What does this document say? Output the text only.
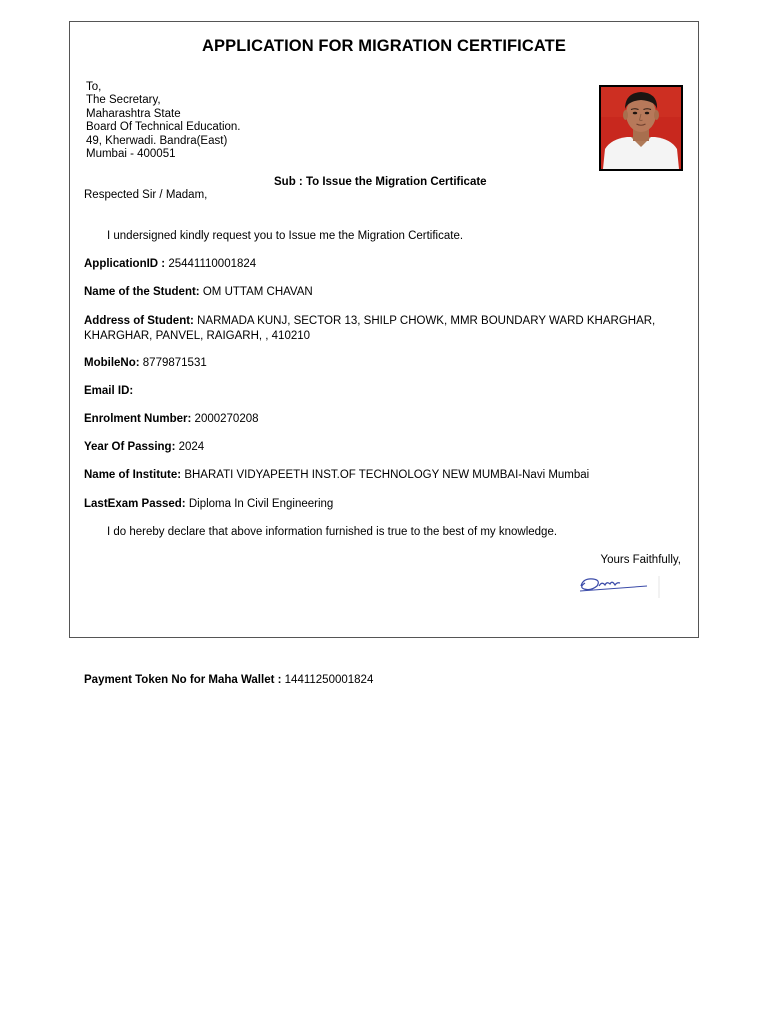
APPLICATION FOR MIGRATION CERTIFICATE
To,
The Secretary,
Maharashtra State
Board Of Technical Education.
49, Kherwadi. Bandra(East)
Mumbai - 400051
Sub : To Issue the Migration Certificate
Respected Sir / Madam,
I undersigned kindly request you to Issue me the Migration Certificate.
ApplicationID : 25441110001824
Name of the Student: OM UTTAM CHAVAN
Address of Student: NARMADA KUNJ, SECTOR 13, SHILP CHOWK, MMR BOUNDARY WARD KHARGHAR, KHARGHAR, PANVEL, RAIGARH, , 410210
MobileNo: 8779871531
Email ID:
Enrolment Number: 2000270208
Year Of Passing: 2024
Name of Institute: BHARATI VIDYAPEETH INST.OF TECHNOLOGY NEW MUMBAI-Navi Mumbai
LastExam Passed: Diploma In Civil Engineering
I do hereby declare that above information furnished is true to the best of my knowledge.
Yours Faithfully,
Payment Token No for Maha Wallet : 14411250001824
